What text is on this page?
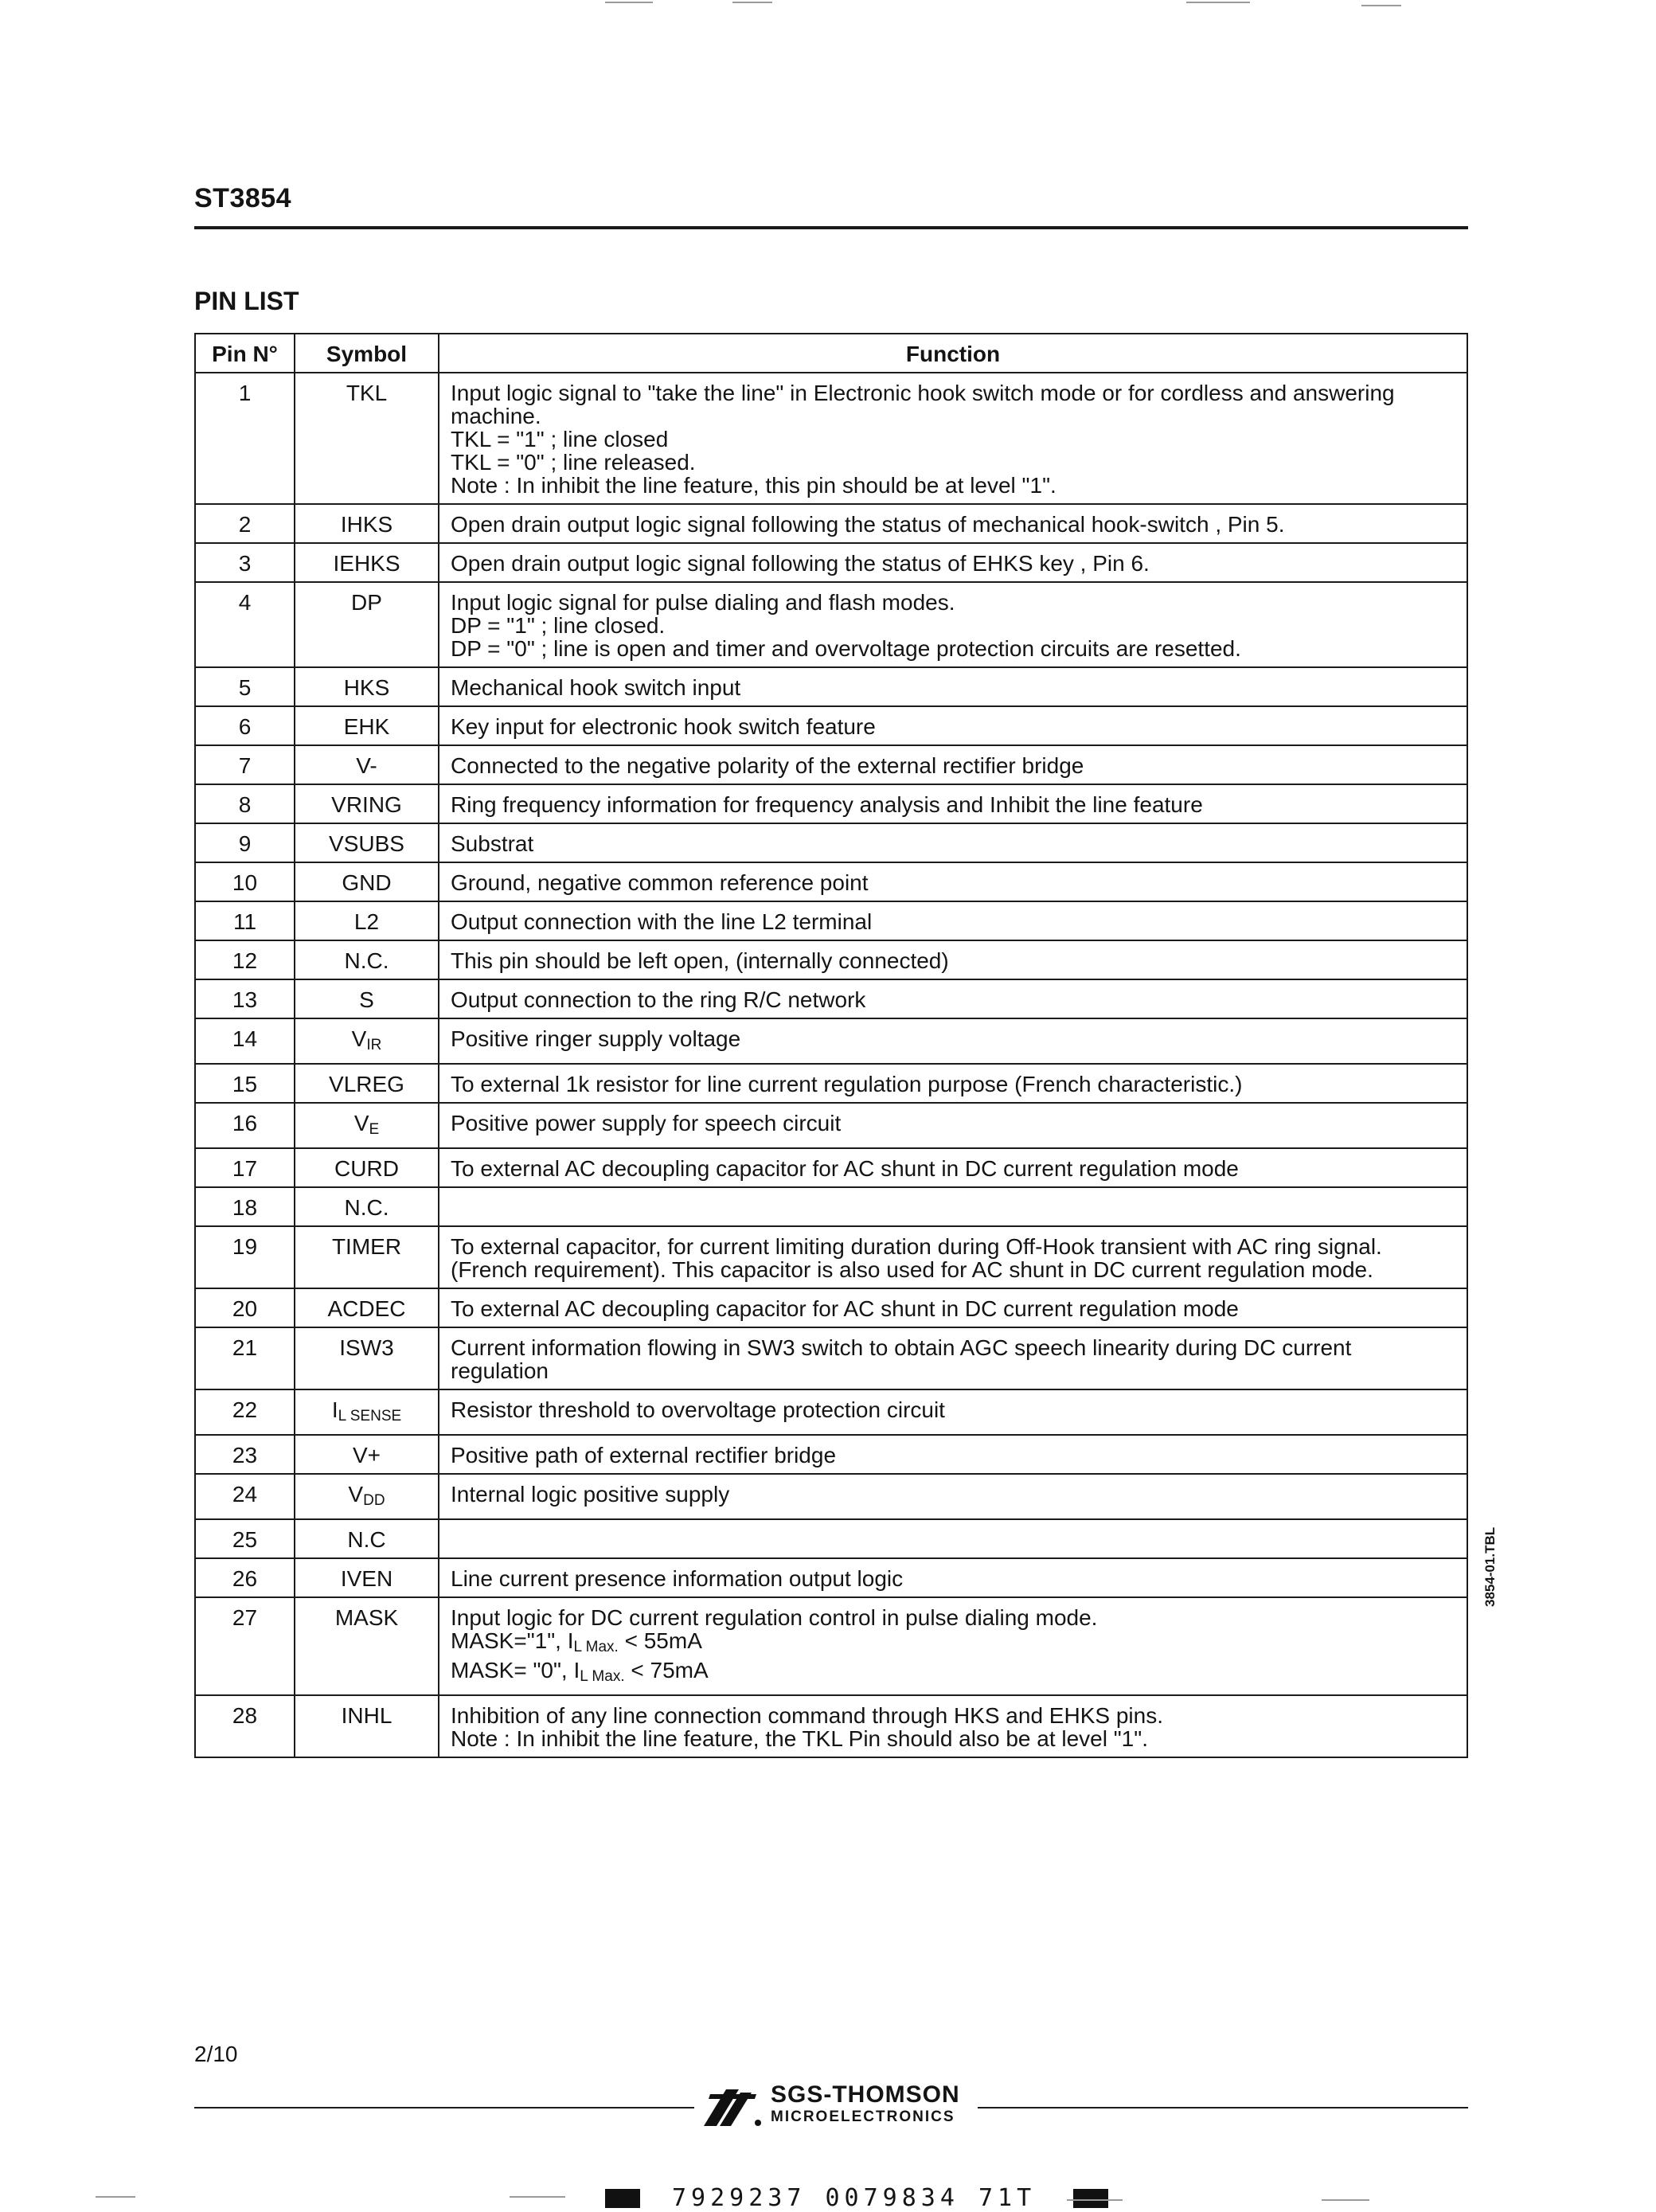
ST3854
PIN LIST
Pin N°	Symbol	Function
1	TKL	Input logic signal to "take the line" in Electronic hook switch mode or for cordless and answering machine.
TKL = "1" ; line closed
TKL = "0" ; line released.
Note : In inhibit the line feature, this pin should be at level "1".

2	IHKS	Open drain output logic signal following the status of mechanical hook-switch , Pin 5.

3	IEHKS	Open drain output logic signal following the status of EHKS key , Pin 6.

4	DP	Input logic signal for pulse dialing and flash modes.
DP = "1" ; line closed.
DP = "0" ; line is open and timer and overvoltage protection circuits are resetted.

5	HKS	Mechanical hook switch input

6	EHK	Key input for electronic hook switch feature

7	V-	Connected to the negative polarity of the external rectifier bridge

8	VRING	Ring frequency information for frequency analysis and Inhibit the line feature

9	VSUBS	Substrat

10	GND	Ground, negative common reference point

11	L2	Output connection with the line L2 terminal

12	N.C.	This pin should be left open, (internally connected)

13	S	Output connection to the ring R/C network

14	$V_{IR}$	Positive ringer supply voltage

15	VLREG	To external 1k resistor for line current regulation purpose (French characteristic.)

16	$V_E$	Positive power supply for speech circuit

17	CURD	To external AC decoupling capacitor for AC shunt in DC current regulation mode

18	N.C.	
19	TIMER	To external capacitor, for current limiting duration during Off-Hook transient with AC ring signal. (French requirement). This capacitor is also used for AC shunt in DC current regulation mode.

20	ACDEC	To external AC decoupling capacitor for AC shunt in DC current regulation mode

21	ISW3	Current information flowing in SW3 switch to obtain AGC speech linearity during DC current regulation

22	$I_{L SENSE}$	Resistor threshold to overvoltage protection circuit

23	V+	Positive path of external rectifier bridge

24	$V_{DD}$	Internal logic positive supply

25	N.C	
26	IVEN	Line current presence information output logic

27	MASK	Input logic for DC current regulation control in pulse dialing mode.
MASK="1", $I_{L Max.} < 55mA$
MASK= "0", $I_{L Max.} < 75mA$

28	INHL	Inhibition of any line connection command through HKS and EHKS pins.
Note : In inhibit the line feature, the TKL Pin should also be at level "1".
3854-01.TBL
2/10
SGS-THOMSON
MICROELECTRONICS
7929237 0079834 71T
